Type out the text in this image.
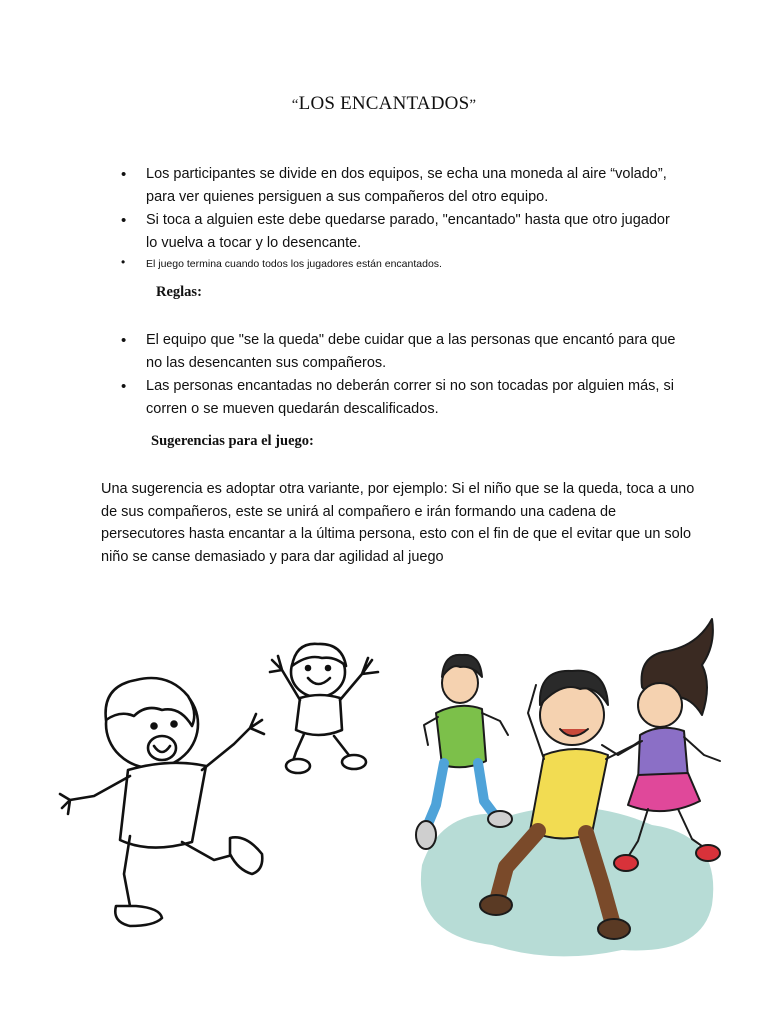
“LOS ENCANTADOS”
• Los participantes se divide en dos equipos, se echa una moneda al aire “volado”, para ver quienes persiguen a sus compañeros del otro equipo.
• Si toca a alguien este debe quedarse parado, "encantado" hasta que otro jugador lo vuelva a tocar y lo desencante.
• El juego termina cuando todos los jugadores están encantados.
Reglas:
• El equipo que "se la queda" debe cuidar que a las personas que encantó para que no las desencanten sus compañeros.
• Las personas encantadas no deberán correr si no son tocadas por alguien más, si corren o se mueven quedarán descalificados.
Sugerencias para el juego:
Una sugerencia es adoptar otra variante, por ejemplo: Si el niño que se la queda, toca a uno de sus compañeros, este se unirá al compañero e irán formando una cadena de persecutores hasta encantar a la última persona, esto con el fin de que el evitar que un solo niño se canse demasiado y para dar agilidad al juego
